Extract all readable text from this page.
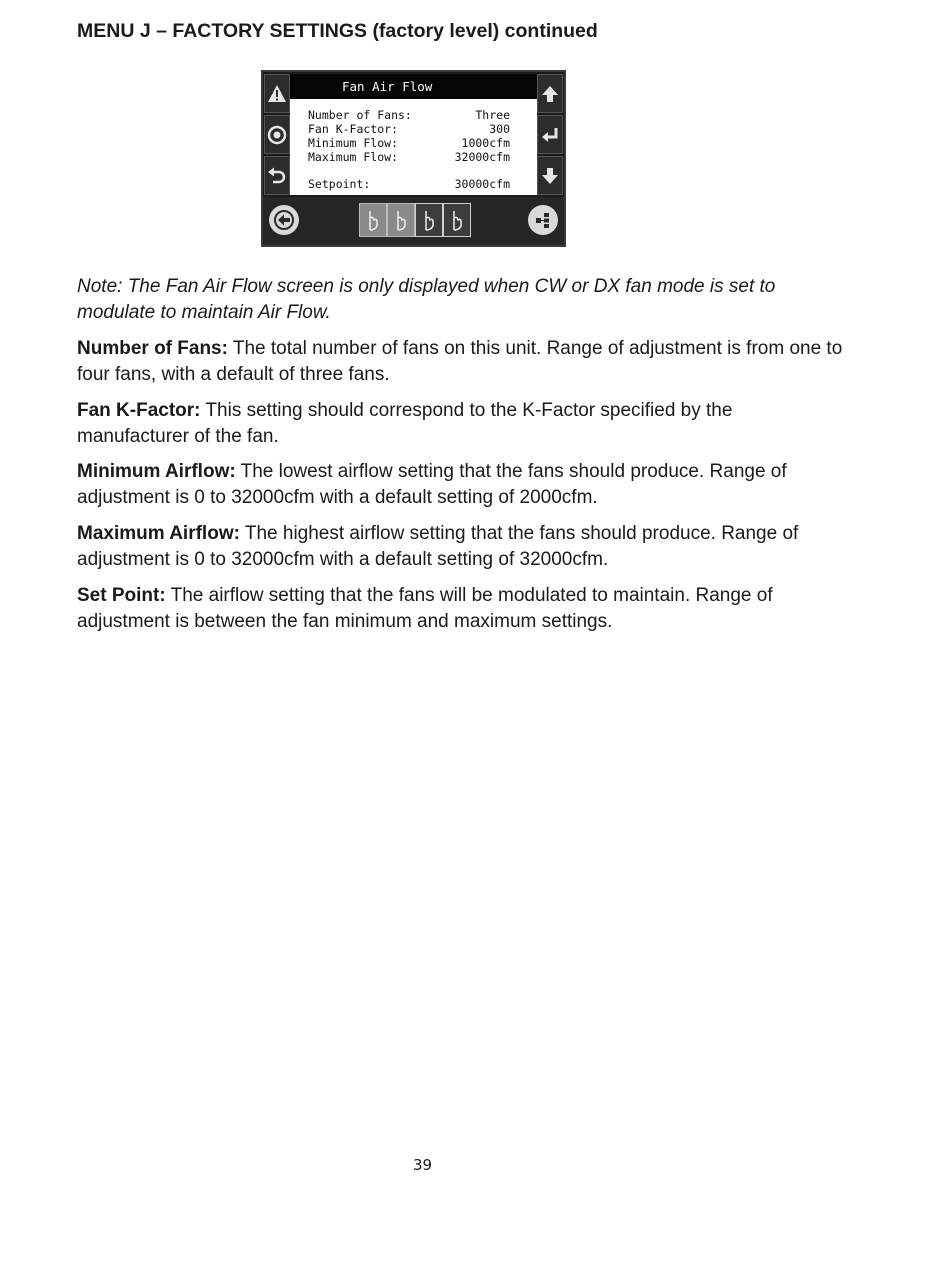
MENU J – FACTORY SETTINGS (factory level) continued
Fan Air Flow
Number of Fans:	Three
Fan K-Factor:	300
Minimum Flow:	1000cfm
Maximum Flow:	32000cfm
Setpoint:	30000cfm

Note: The Fan Air Flow screen is only displayed when CW or DX fan mode is set to modulate to maintain Air Flow.

Number of Fans: The total number of fans on this unit. Range of adjustment is from one to four fans, with a default of three fans.

Fan K-Factor: This setting should correspond to the K-Factor specified by the manufacturer of the fan.

Minimum Airflow: The lowest airflow setting that the fans should produce. Range of adjustment is 0 to 32000cfm with a default setting of 2000cfm.

Maximum Airflow: The highest airflow setting that the fans should produce. Range of adjustment is 0 to 32000cfm with a default setting of 32000cfm.

Set Point: The airflow setting that the fans will be modulated to maintain. Range of adjustment is between the fan minimum and maximum settings.

39
